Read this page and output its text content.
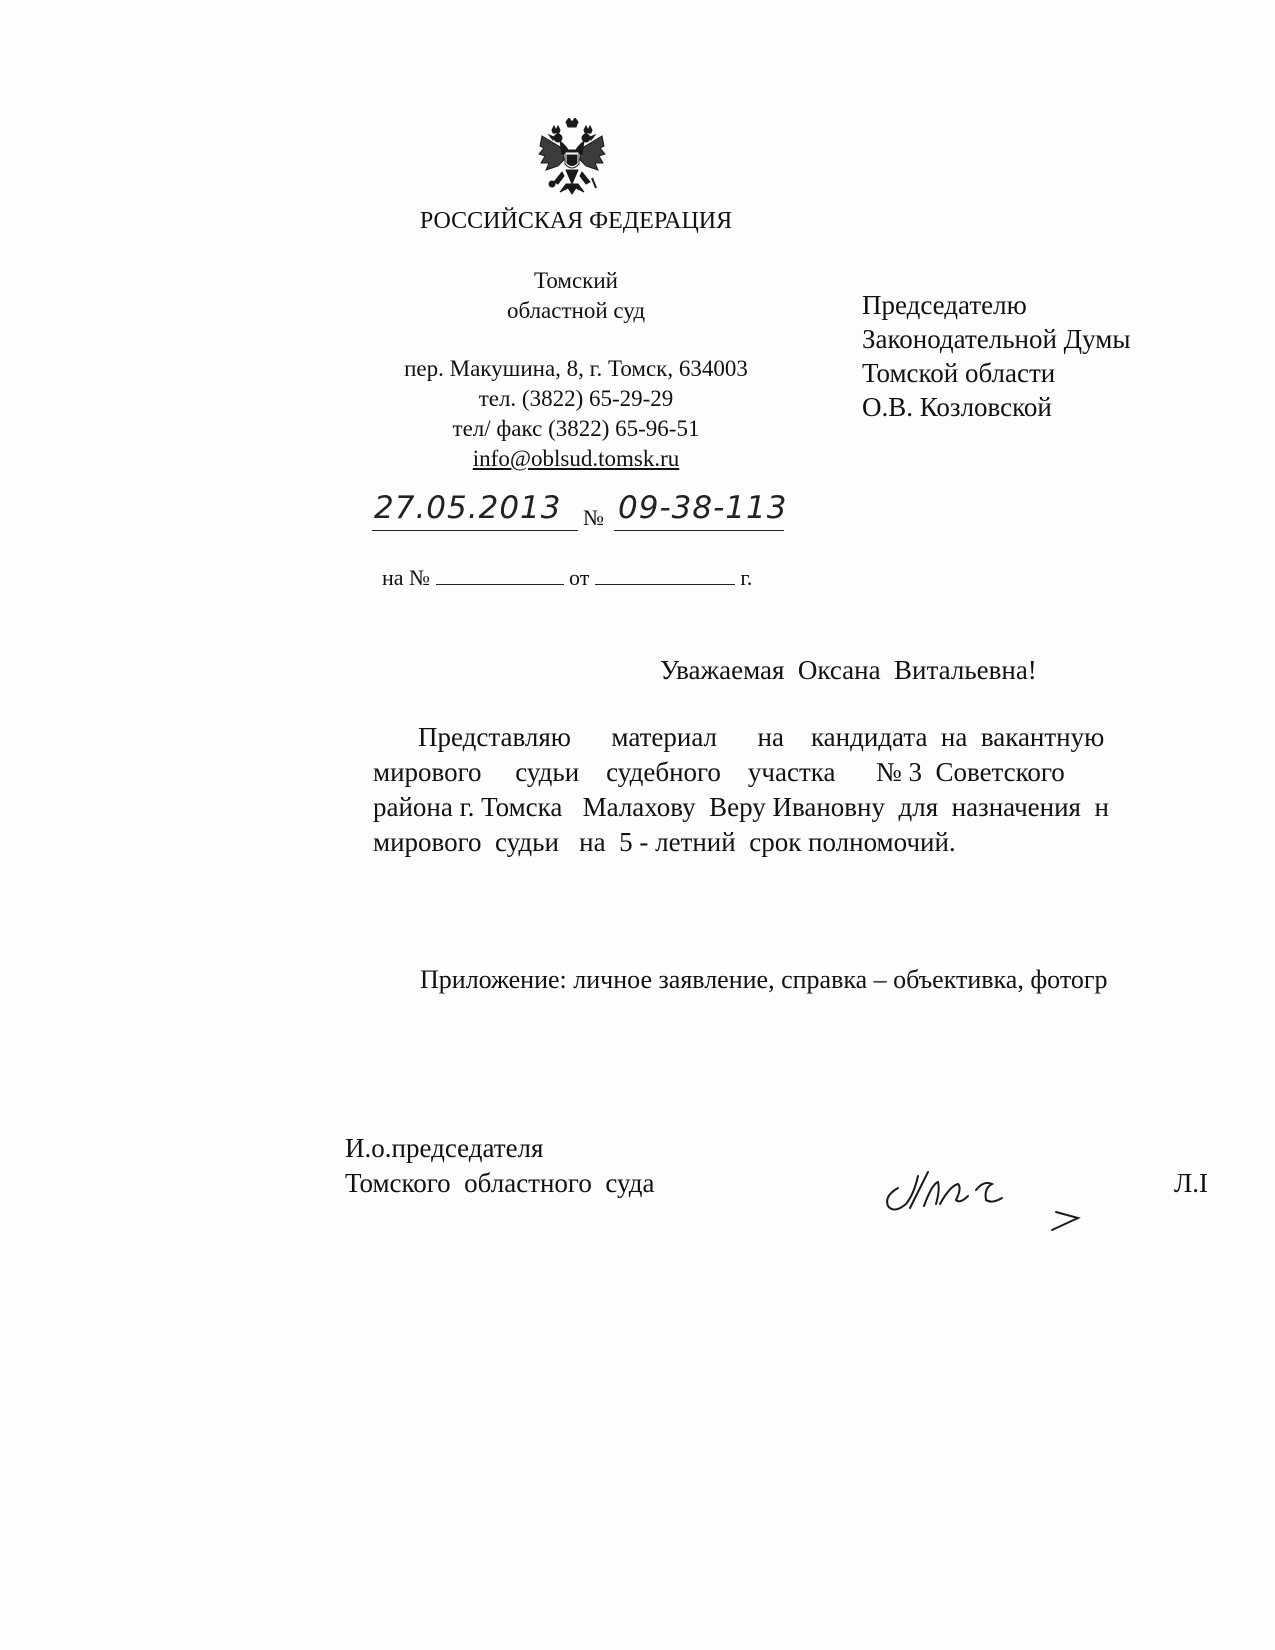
РОССИЙСКАЯ ФЕДЕРАЦИЯ
Томский
областной суд
пер. Макушина, 8, г. Томск, 634003
тел. (3822) 65-29-29
тел/ факс (3822) 65-96-51
info@oblsud.tomsk.ru
27.05.2013 № 09-38-113
на №	от	г.
Председателю
Законодательной Думы
Томской области
О.В. Козловской
Уважаемая  Оксана  Витальевна!
Представляю      материал      на    кандидата  на  вакантную
мирового     судьи    судебного    участка      № 3  Советского
района г. Томска   Малахову  Веру Ивановну  для  назначения  н
мирового  судьи   на  5 - летний  срок полномочий.
Приложение: личное заявление, справка – объективка, фотогр
И.о.председателя
Томского  областного  суда	Л.I
